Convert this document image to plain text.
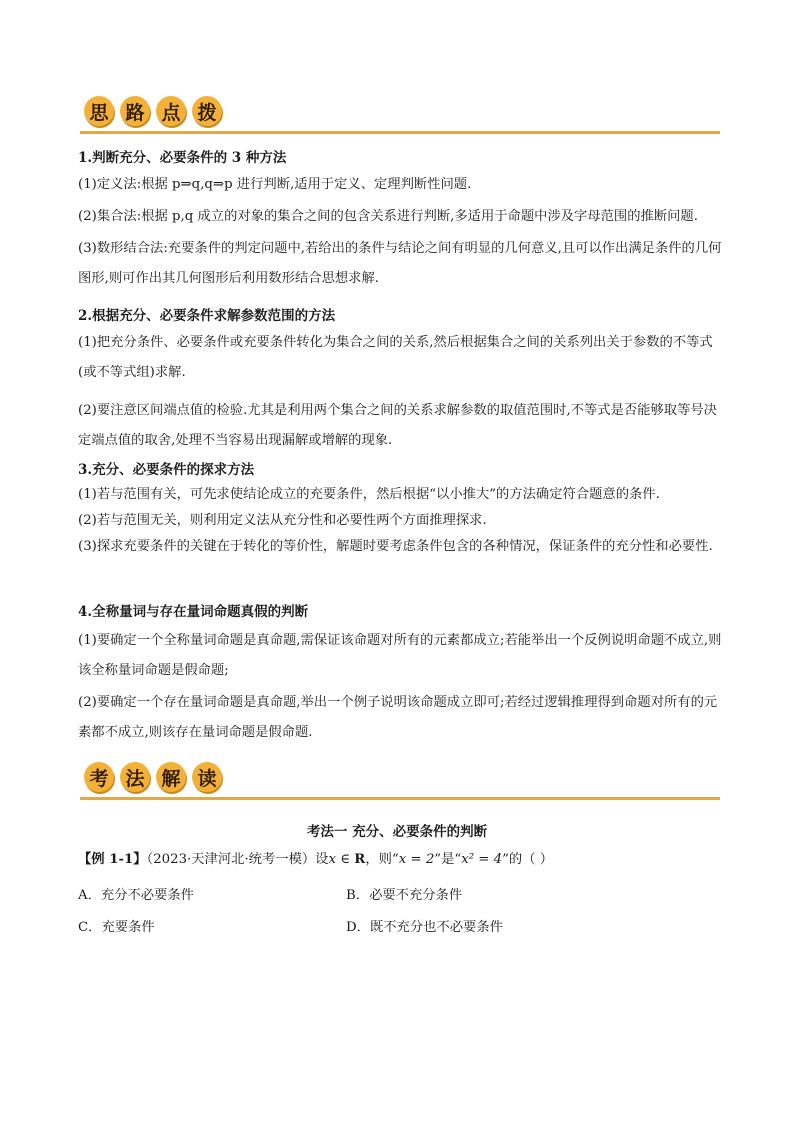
思 路 点 拨
1.判断充分、必要条件的 3 种方法
(1)定义法:根据 p⇒q,q⇒p 进行判断,适用于定义、定理判断性问题.
(2)集合法:根据 p,q 成立的对象的集合之间的包含关系进行判断,多适用于命题中涉及字母范围的推断问题.
(3)数形结合法:充要条件的判定问题中,若给出的条件与结论之间有明显的几何意义,且可以作出满足条件的几何图形,则可作出其几何图形后利用数形结合思想求解.
2.根据充分、必要条件求解参数范围的方法
(1)把充分条件、必要条件或充要条件转化为集合之间的关系,然后根据集合之间的关系列出关于参数的不等式(或不等式组)求解.
(2)要注意区间端点值的检验.尤其是利用两个集合之间的关系求解参数的取值范围时,不等式是否能够取等号决定端点值的取舍,处理不当容易出现漏解或增解的现象.
3.充分、必要条件的探求方法
(1)若与范围有关，可先求使结论成立的充要条件，然后根据“以小推大”的方法确定符合题意的条件.
(2)若与范围无关，则利用定义法从充分性和必要性两个方面推理探求.
(3)探求充要条件的关键在于转化的等价性，解题时要考虑条件包含的各种情况，保证条件的充分性和必要性.
4.全称量词与存在量词命题真假的判断
(1)要确定一个全称量词命题是真命题,需保证该命题对所有的元素都成立;若能举出一个反例说明命题不成立,则该全称量词命题是假命题;
(2)要确定一个存在量词命题是真命题,举出一个例子说明该命题成立即可;若经过逻辑推理得到命题对所有的元素都不成立,则该存在量词命题是假命题.
考 法 解 读
考法一 充分、必要条件的判断
【例 1-1】（2023·天津河北·统考一模）设x ∈ R，则“x = 2”是“x² = 4”的（ ）
A．充分不必要条件	B．必要不充分条件
C．充要条件	D．既不充分也不必要条件
